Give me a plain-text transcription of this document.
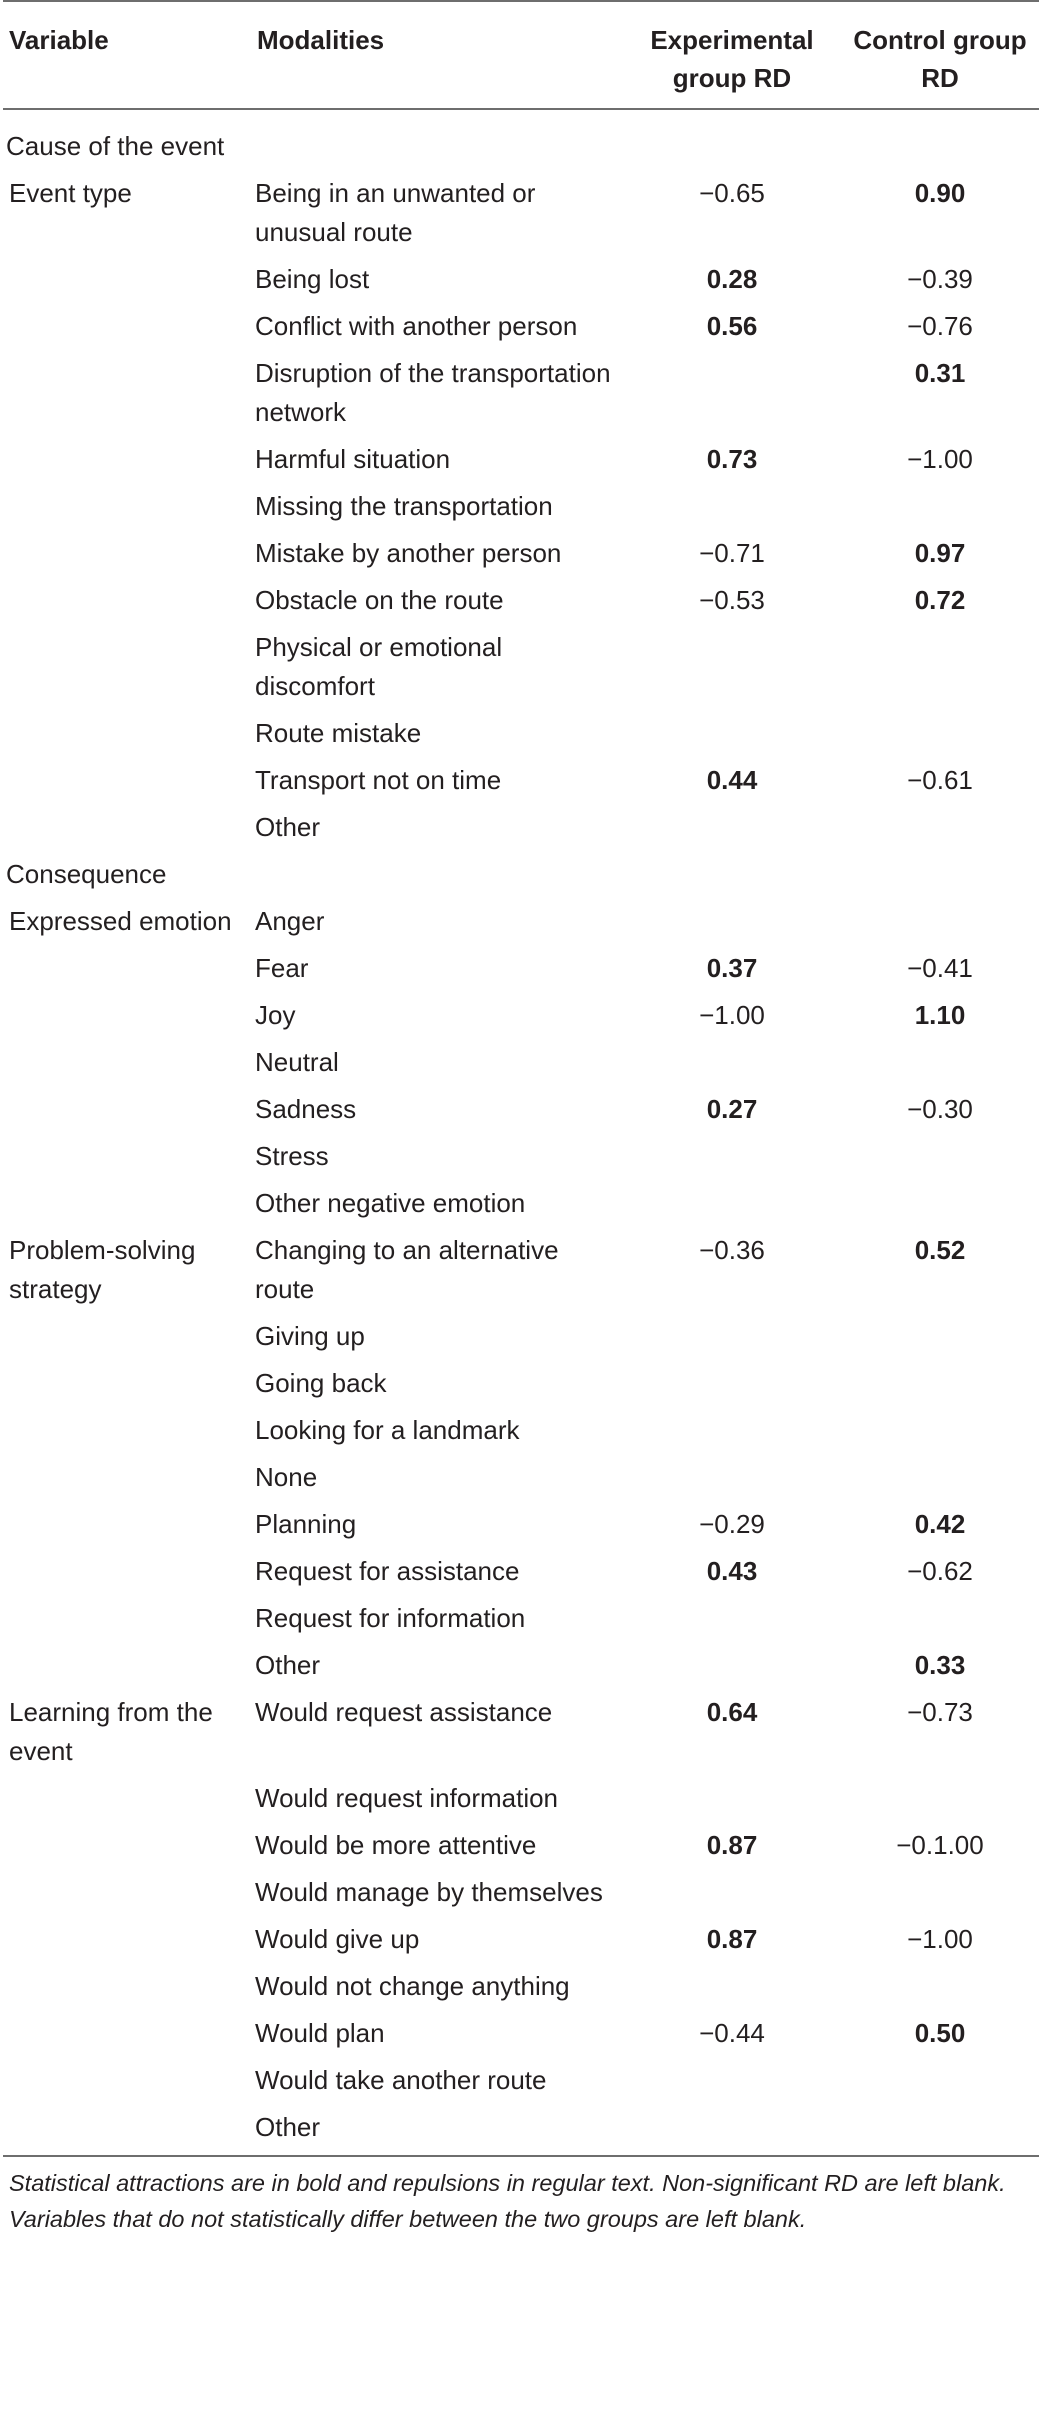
Variable	Modalities	Experimental group RD	Control group RD
Cause of the event			
Event type	Being in an unwanted or unusual route	−0.65	0.90
	Being lost	0.28	−0.39
	Conflict with another person	0.56	−0.76
	Disruption of the transportation network		0.31
	Harmful situation	0.73	−1.00
	Missing the transportation		
	Mistake by another person	−0.71	0.97
	Obstacle on the route	−0.53	0.72
	Physical or emotional discomfort		
	Route mistake		
	Transport not on time	0.44	−0.61
	Other		
Consequence			
Expressed emotion	Anger		
	Fear	0.37	−0.41
	Joy	−1.00	1.10
	Neutral		
	Sadness	0.27	−0.30
	Stress		
	Other negative emotion		
Problem-solving strategy	Changing to an alternative route	−0.36	0.52
	Giving up		
	Going back		
	Looking for a landmark		
	None		
	Planning	−0.29	0.42
	Request for assistance	0.43	−0.62
	Request for information		
	Other		0.33
Learning from the event	Would request assistance	0.64	−0.73
	Would request information		
	Would be more attentive	0.87	−0.1.00
	Would manage by themselves		
	Would give up	0.87	−1.00
	Would not change anything		
	Would plan	−0.44	0.50
	Would take another route		
	Other		
Statistical attractions are in bold and repulsions in regular text. Non-significant RD are left blank. Variables that do not statistically differ between the two groups are left blank.			
